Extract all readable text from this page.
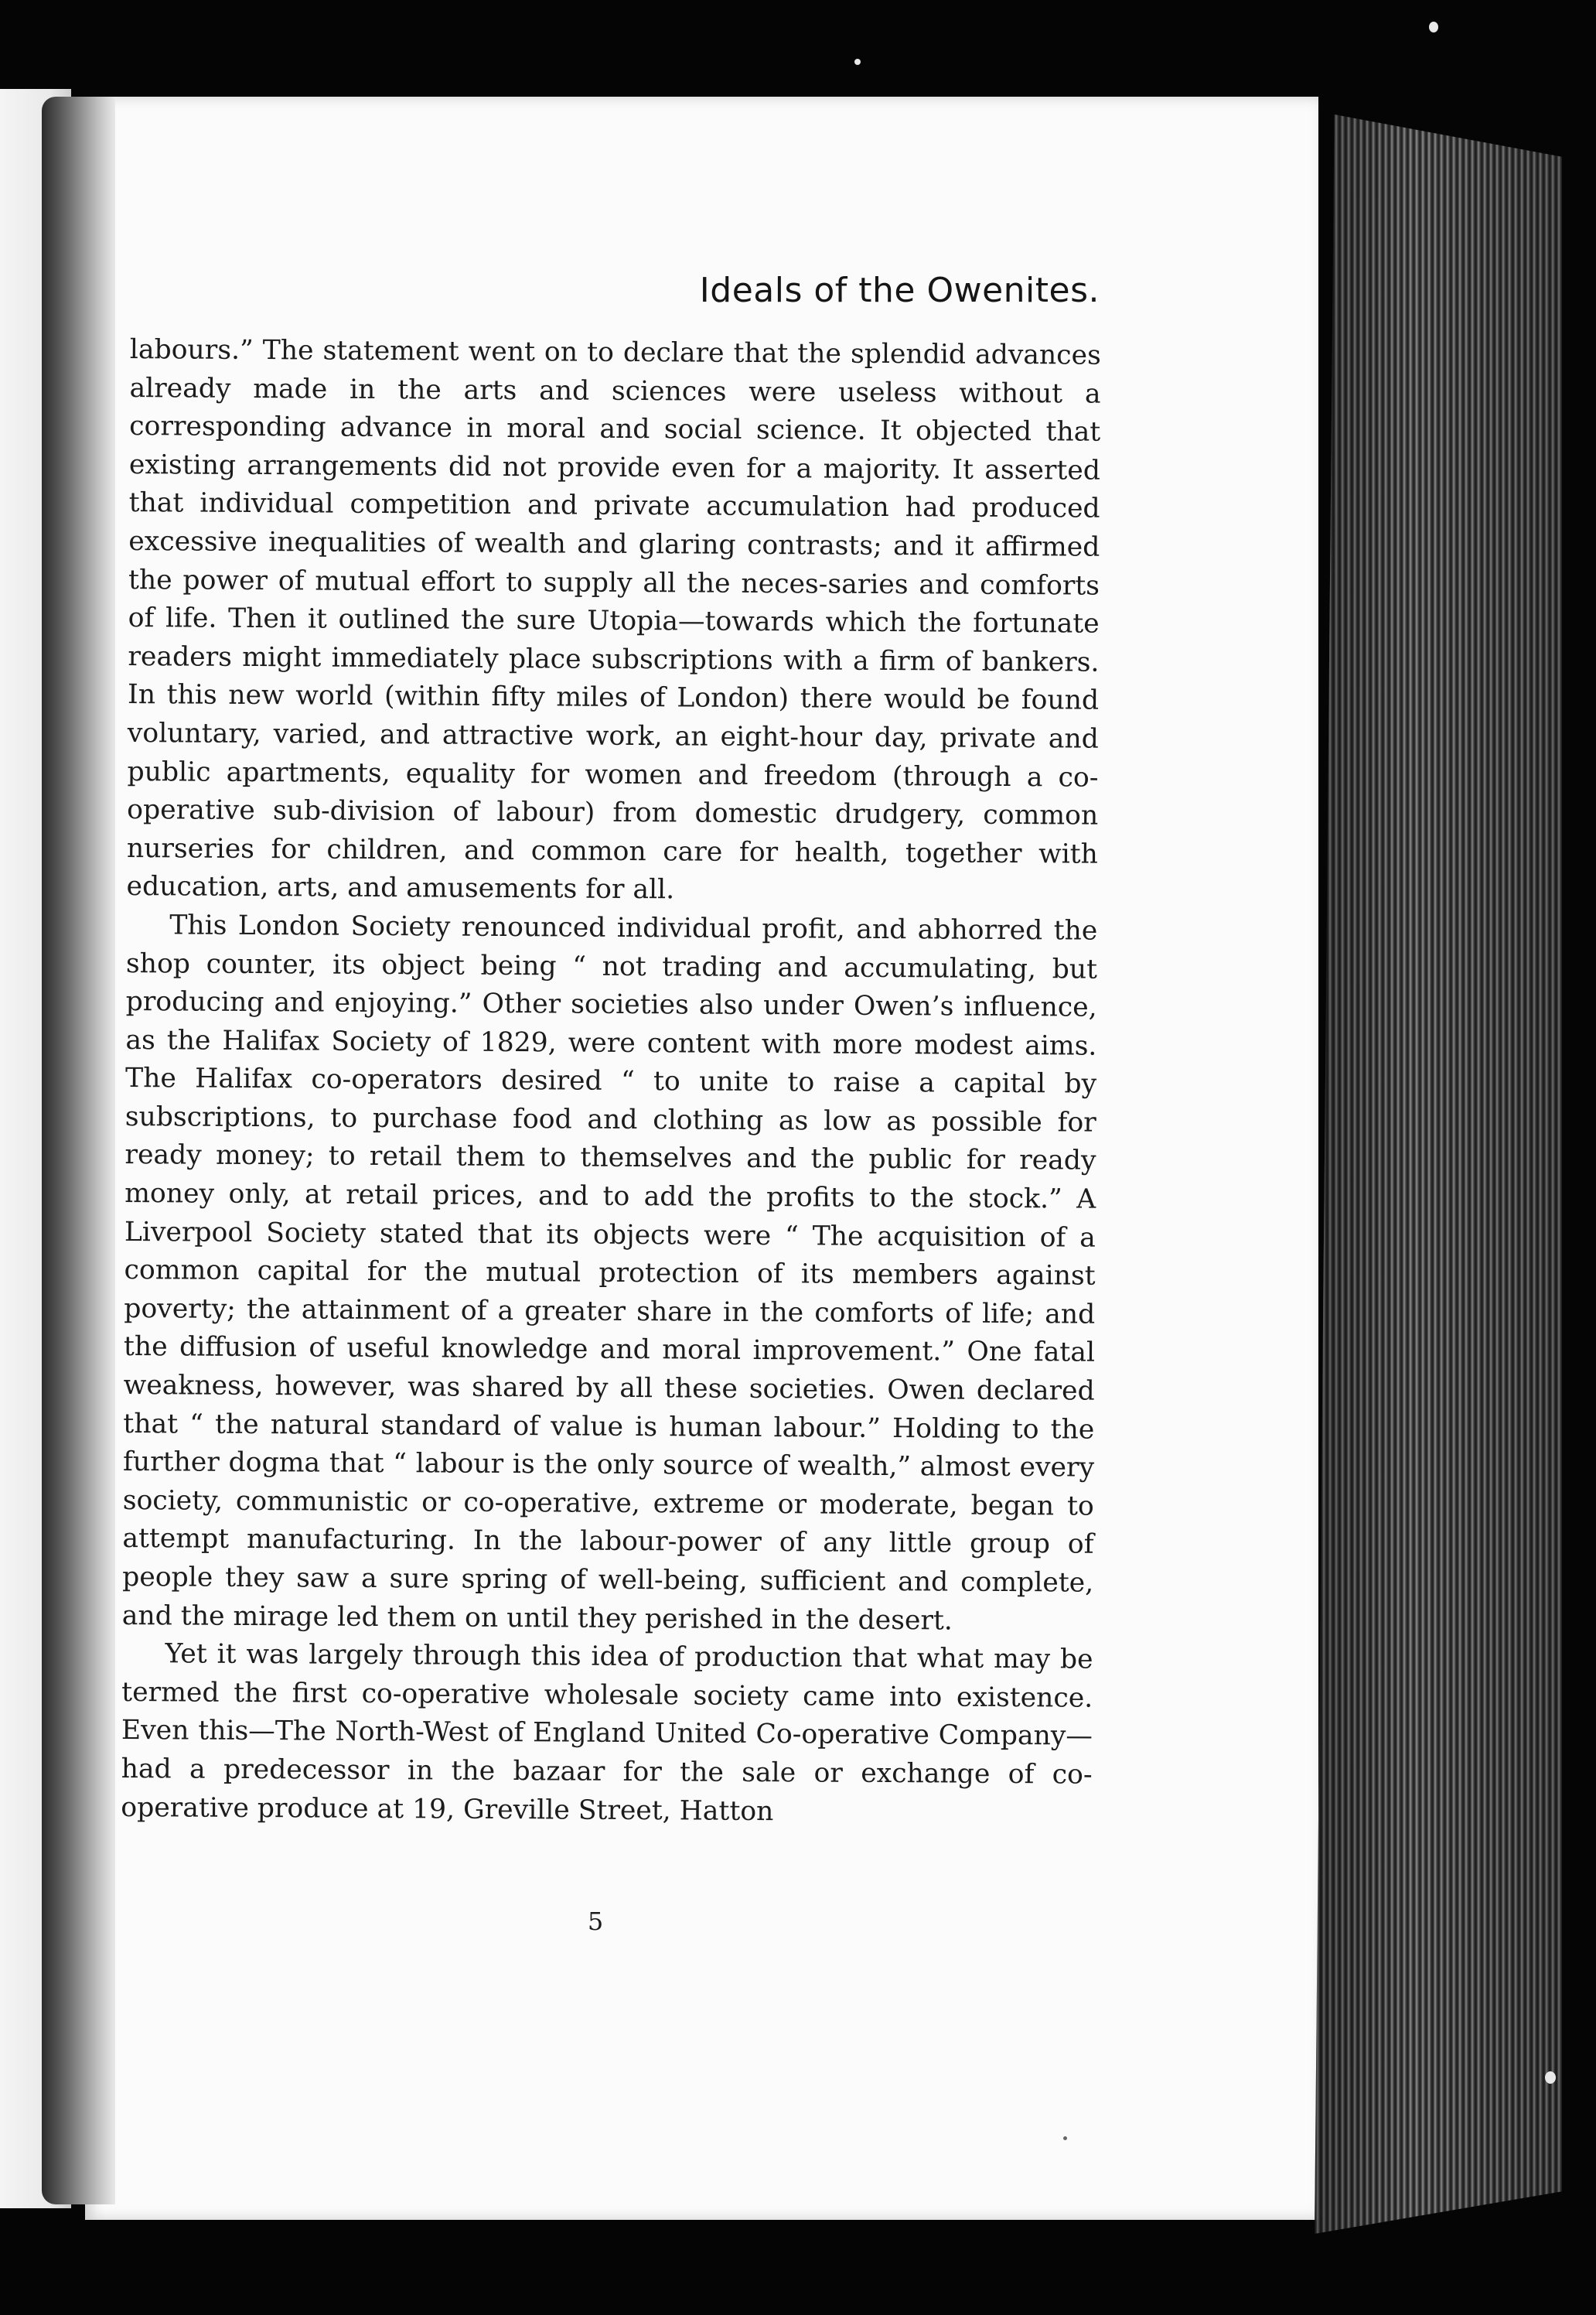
Ideals of the Owenites.

labours.” The statement went on to declare that the splendid advances already made in the arts and sciences were useless without a corresponding advance in moral and social science. It objected that existing arrangements did not provide even for a majority. It asserted that individual competition and private accumulation had produced excessive inequalities of wealth and glaring contrasts; and it affirmed the power of mutual effort to supply all the neces-saries and comforts of life. Then it outlined the sure Utopia—towards which the fortunate readers might immediately place subscriptions with a firm of bankers. In this new world (within fifty miles of London) there would be found voluntary, varied, and attractive work, an eight-hour day, private and public apartments, equality for women and freedom (through a co-operative sub-division of labour) from domestic drudgery, common nurseries for children, and common care for health, together with education, arts, and amusements for all.

This London Society renounced individual profit, and abhorred the shop counter, its object being “ not trading and accumulating, but producing and enjoying.” Other societies also under Owen’s influence, as the Halifax Society of 1829, were content with more modest aims. The Halifax co-operators desired “ to unite to raise a capital by subscriptions, to purchase food and clothing as low as possible for ready money; to retail them to themselves and the public for ready money only, at retail prices, and to add the profits to the stock.” A Liverpool Society stated that its objects were “ The acquisition of a common capital for the mutual protection of its members against poverty; the attainment of a greater share in the comforts of life; and the diffusion of useful knowledge and moral improvement.” One fatal weakness, however, was shared by all these societies. Owen declared that “ the natural standard of value is human labour.” Holding to the further dogma that “ labour is the only source of wealth,” almost every society, communistic or co-operative, extreme or moderate, began to attempt manufacturing. In the labour-power of any little group of people they saw a sure spring of well-being, sufficient and complete, and the mirage led them on until they perished in the desert.

Yet it was largely through this idea of production that what may be termed the first co-operative wholesale society came into existence. Even this—The North-West of England United Co-operative Company—had a predecessor in the bazaar for the sale or exchange of co-operative produce at 19, Greville Street, Hatton

5
